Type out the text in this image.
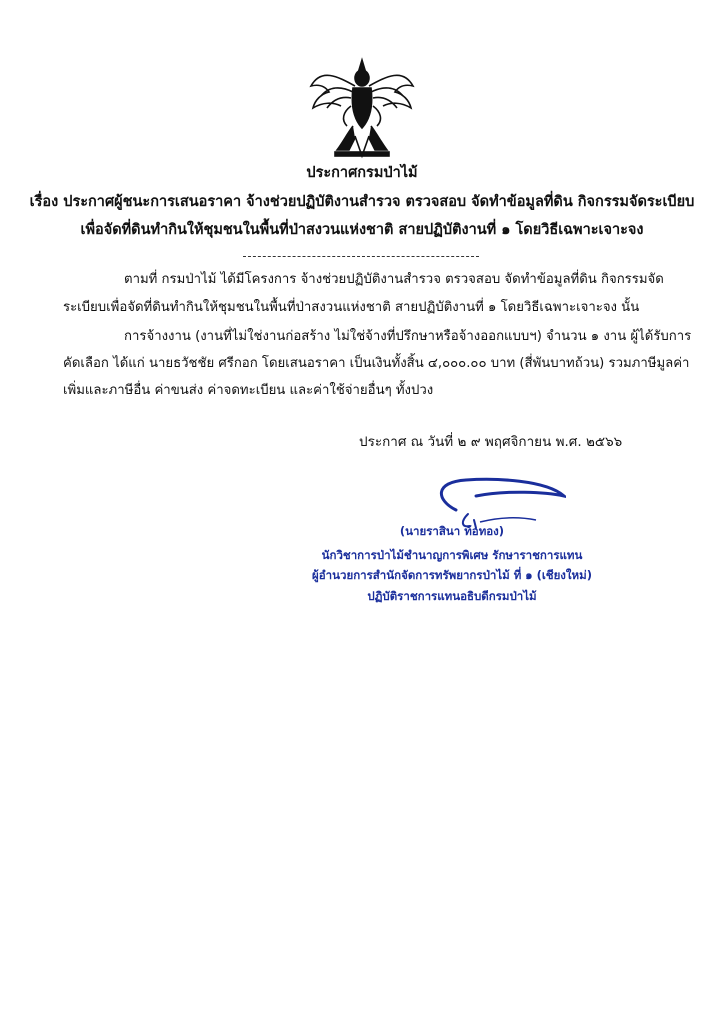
ประกาศกรมป่าไม้
เรื่อง ประกาศผู้ชนะการเสนอราคา จ้างช่วยปฏิบัติงานสำรวจ ตรวจสอบ จัดทำข้อมูลที่ดิน กิจกรรมจัดระเบียบ
เพื่อจัดที่ดินทำกินให้ชุมชนในพื้นที่ป่าสงวนแห่งชาติ สายปฏิบัติงานที่ ๑ โดยวิธีเฉพาะเจาะจง
ตามที่ กรมป่าไม้ ได้มีโครงการ จ้างช่วยปฏิบัติงานสำรวจ ตรวจสอบ จัดทำข้อมูลที่ดิน กิจกรรมจัด
ระเบียบเพื่อจัดที่ดินทำกินให้ชุมชนในพื้นที่ป่าสงวนแห่งชาติ สายปฏิบัติงานที่ ๑ โดยวิธีเฉพาะเจาะจง นั้น
การจ้างงาน (งานที่ไม่ใช่งานก่อสร้าง ไม่ใช่จ้างที่ปรึกษาหรือจ้างออกแบบฯ) จำนวน ๑ งาน ผู้ได้รับการ
คัดเลือก ได้แก่ นายธวัชชัย ศรีกอก โดยเสนอราคา เป็นเงินทั้งสิ้น ๔,๐๐๐.๐๐ บาท (สี่พันบาทถ้วน) รวมภาษีมูลค่า
เพิ่มและภาษีอื่น ค่าขนส่ง ค่าจดทะเบียน และค่าใช้จ่ายอื่นๆ ทั้งปวง
ประกาศ ณ วันที่ ๒ ๙ พฤศจิกายน พ.ศ. ๒๕๖๖
(นายราสินา ท้อทอง)
นักวิชาการป่าไม้ชำนาญการพิเศษ รักษาราชการแทน
ผู้อำนวยการสำนักจัดการทรัพยากรป่าไม้ ที่ ๑ (เชียงใหม่)
ปฏิบัติราชการแทนอธิบดีกรมป่าไม้
